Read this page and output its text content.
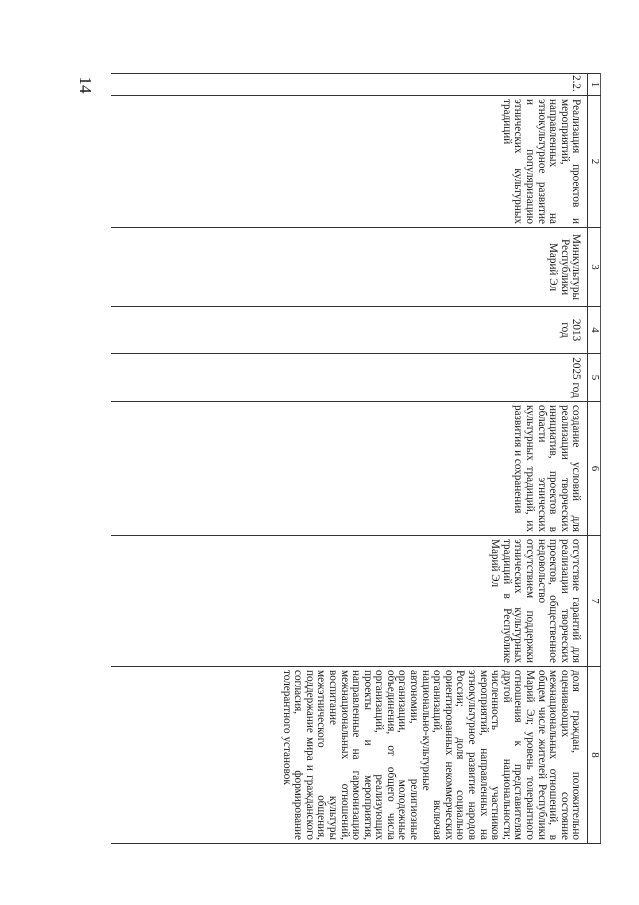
14	1	2	3	4	5	6	7	8
2.2.	Реализация проектов и мероприятий, направленных на этнокультурное развитие и популяризацию этнических культурных традиций	Минкультуры Республики Марий Эл	2013 год	2025 год	создание условий для реализации творческих инициатив, проектов в области этнических культурных традиций, их развития и сохранения	отсутствие гарантий для реализации творческих проектов, общественное недовольство отсутствием поддержки этнических культурных традиций в Республике Марий Эл	доля граждан, положительно оценивающих состояние межнациональных отношений, в общем числе жителей Республики Марий Эл; уровень толерантного отношения к представителям другой национальности; численность участников мероприятий, направленных на этнокультурное развитие народов России; доля социально ориентированных некоммерческих организаций, включая национально-культурные автономии, религиозные организации, молодежные объединения, от общего числа организаций, реализующих проекты и мероприятия, направленные на гармонизацию межнациональных отношений, воспитание культуры межэтнического общения, поддержание мира и гражданского согласия, формирование толерантного установок
